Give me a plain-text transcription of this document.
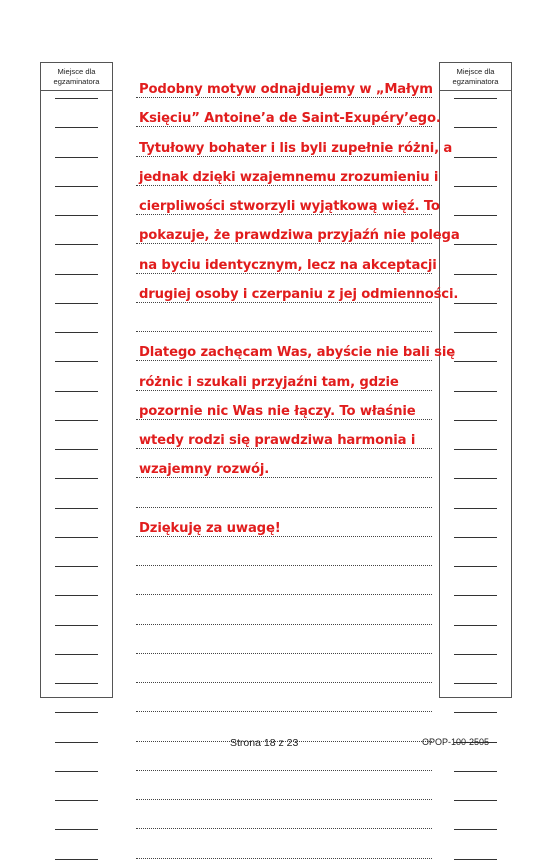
Miejsce dla
egzaminatora
Miejsce dla
egzaminatora
Podobny motyw odnajdujemy w „Małym
Księciu” Antoine’a de Saint-Exupéry’ego.
Tytułowy bohater i lis byli zupełnie różni, a
jednak dzięki wzajemnemu zrozumieniu i
cierpliwości stworzyli wyjątkową więź. To
pokazuje, że prawdziwa przyjaźń nie polega
na byciu identycznym, lecz na akceptacji
drugiej osoby i czerpaniu z jej odmienności.
Dlatego zachęcam Was, abyście nie bali się
różnic i szukali przyjaźni tam, gdzie
pozornie nic Was nie łączy. To właśnie
wtedy rodzi się prawdziwa harmonia i
wzajemny rozwój.
Dziękuję za uwagę!
Strona 18 z 23	OPOP-100-2505
